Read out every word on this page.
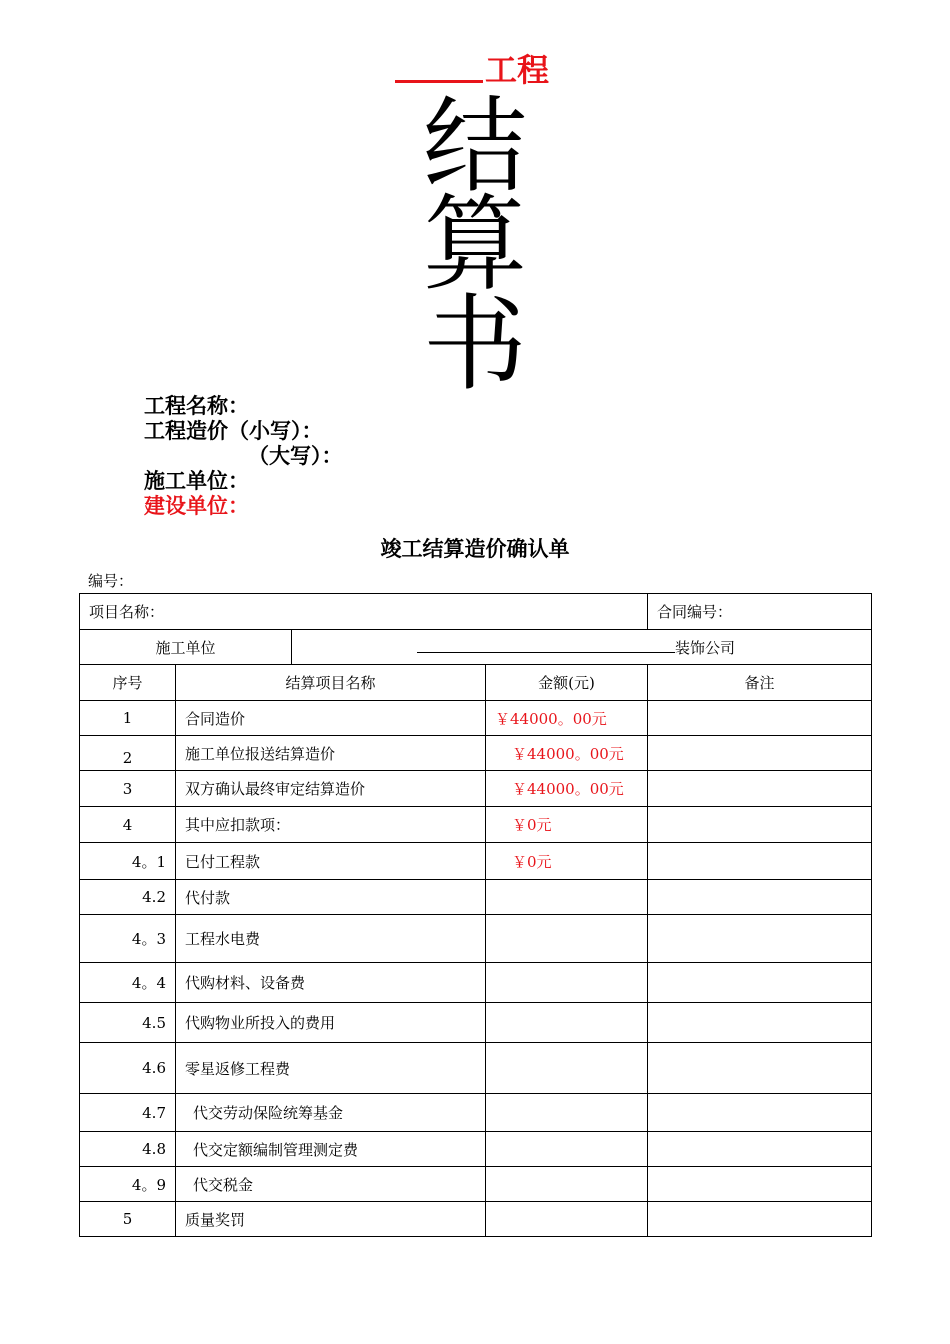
工程
结
算
书
工程名称：
工程造价（小写）：
（大写）：
施工单位：
建设单位：
竣工结算造价确认单
编号：
项目名称：				合同编号：
施工单位		装饰公司		
序号	结算项目名称		金额(元)	备注
1	合同造价		￥44000。00元	
2	施工单位报送结算造价		￥44000。00元	
3	双方确认最终审定结算造价		￥44000。00元	
4	其中应扣款项：		￥0元	
4。1	已付工程款		￥0元	
4.2	代付款			
4。3	工程水电费			
4。4	代购材料、设备费			
4.5	代购物业所投入的费用			
4.6	零星返修工程费			
4.7	代交劳动保险统筹基金			
4.8	代交定额编制管理测定费			
4。9	代交税金			
5	质量奖罚			
